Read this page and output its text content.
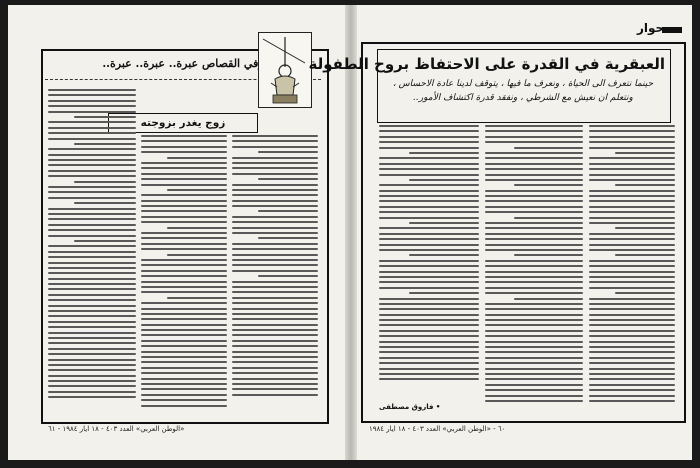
وفي القصاص عبرة.. عبرة.. عبرة..
زوج يغدر بزوجته
«الوطن العربي» العدد ٤٠٣ - ١٨ ايار ١٩٨٤ - ٦١
حوار
العبقرية في القدرة على الاحتفاظ بروح الطفولة
حينما نتعرف الى الحياة ، ونعرف ما فيها ، يتوقف لدينا عادة الاحساس ، ونتعلم ان نعيش مع الشرطي ، ونفقد قدرة اكتشاف الأمور..
• فاروق مصطفى
٦٠ - «الوطن العربي» العدد ٤٠٣ - ١٨ ايار ١٩٨٤
